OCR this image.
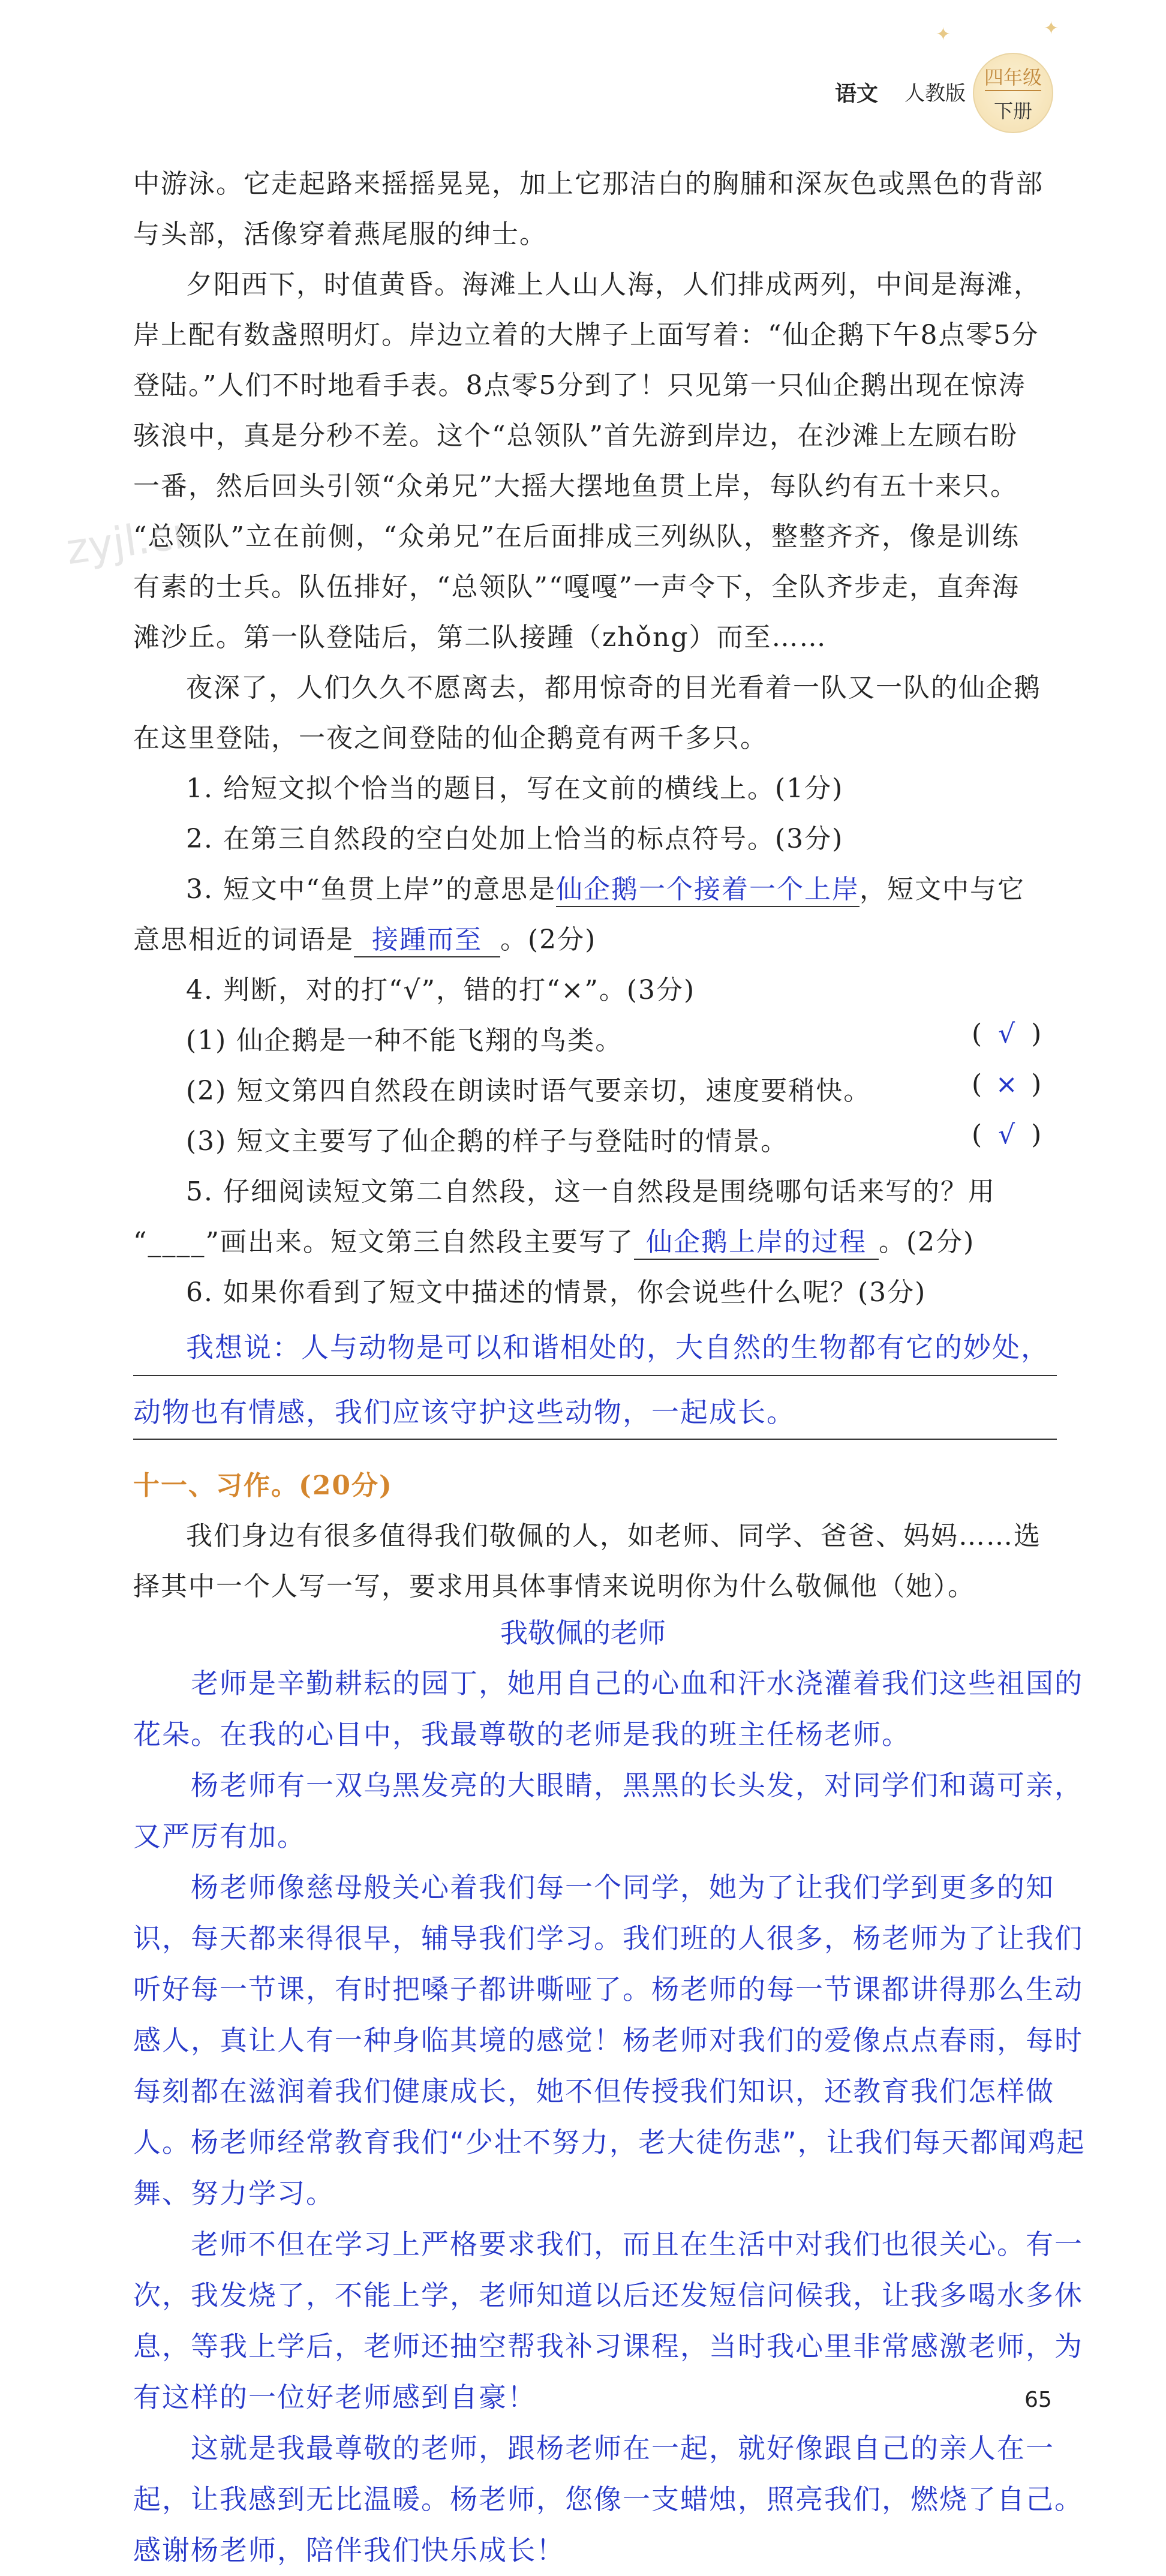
语文 人教版
四年级
下册
✦	✦
zyjl.cn
中游泳。它走起路来摇摇晃晃，加上它那洁白的胸脯和深灰色或黑色的背部
与头部，活像穿着燕尾服的绅士。
夕阳西下，时值黄昏。海滩上人山人海，人们排成两列，中间是海滩，
岸上配有数盏照明灯。岸边立着的大牌子上面写着：“仙企鹅下午8点零5分
登陆。”人们不时地看手表。8点零5分到了！只见第一只仙企鹅出现在惊涛
骇浪中，真是分秒不差。这个“总领队”首先游到岸边，在沙滩上左顾右盼
一番，然后回头引领“众弟兄”大摇大摆地鱼贯上岸，每队约有五十来只。
“总领队”立在前侧，“众弟兄”在后面排成三列纵队，整整齐齐，像是训练
有素的士兵。队伍排好，“总领队”“嘎嘎”一声令下，全队齐步走，直奔海
滩沙丘。第一队登陆后，第二队接踵（zhǒng）而至……
夜深了，人们久久不愿离去，都用惊奇的目光看着一队又一队的仙企鹅
在这里登陆，一夜之间登陆的仙企鹅竟有两千多只。
1. 给短文拟个恰当的题目，写在文前的横线上。(1分)
2. 在第三自然段的空白处加上恰当的标点符号。(3分)
3. 短文中“鱼贯上岸”的意思是仙企鹅一个接着一个上岸，短文中与它
意思相近的词语是 接踵而至 。(2分)
4. 判断，对的打“√”，错的打“×”。(3分)
(1) 仙企鹅是一种不能飞翔的鸟类。	( √ )
(2) 短文第四自然段在朗读时语气要亲切，速度要稍快。	( × )
(3) 短文主要写了仙企鹅的样子与登陆时的情景。	( √ )
5. 仔细阅读短文第二自然段，这一自然段是围绕哪句话来写的？用
“____”画出来。短文第三自然段主要写了 仙企鹅上岸的过程 。(2分)
6. 如果你看到了短文中描述的情景，你会说些什么呢？(3分)
我想说：人与动物是可以和谐相处的，大自然的生物都有它的妙处，
动物也有情感，我们应该守护这些动物，一起成长。
十一、习作。(20分)
我们身边有很多值得我们敬佩的人，如老师、同学、爸爸、妈妈……选
择其中一个人写一写，要求用具体事情来说明你为什么敬佩他（她）。
我敬佩的老师
　　老师是辛勤耕耘的园丁，她用自己的心血和汗水浇灌着我们这些祖国的花朵。在我的心目中，我最尊敬的老师是我的班主任杨老师。
　　杨老师有一双乌黑发亮的大眼睛，黑黑的长头发，对同学们和蔼可亲，又严厉有加。
　　杨老师像慈母般关心着我们每一个同学，她为了让我们学到更多的知识，每天都来得很早，辅导我们学习。我们班的人很多，杨老师为了让我们听好每一节课，有时把嗓子都讲嘶哑了。杨老师的每一节课都讲得那么生动感人，真让人有一种身临其境的感觉！杨老师对我们的爱像点点春雨，每时每刻都在滋润着我们健康成长，她不但传授我们知识，还教育我们怎样做人。杨老师经常教育我们“少壮不努力，老大徒伤悲”，让我们每天都闻鸡起舞、努力学习。
　　老师不但在学习上严格要求我们，而且在生活中对我们也很关心。有一次，我发烧了，不能上学，老师知道以后还发短信问候我，让我多喝水多休息，等我上学后，老师还抽空帮我补习课程，当时我心里非常感激老师，为有这样的一位好老师感到自豪！
　　这就是我最尊敬的老师，跟杨老师在一起，就好像跟自己的亲人在一起，让我感到无比温暖。杨老师，您像一支蜡烛，照亮我们，燃烧了自己。感谢杨老师，陪伴我们快乐成长！
65
